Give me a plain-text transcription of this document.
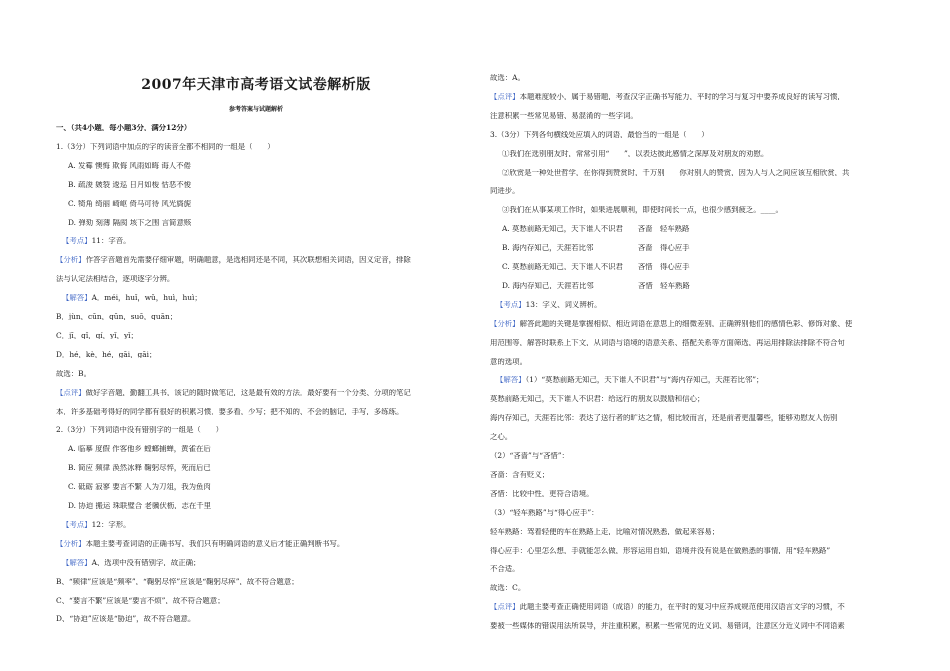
2007年天津市高考语文试卷解析版
参考答案与试题解析
一、（共4小题，每小题3分，满分12分）
1.（3分）下列词语中加点的字的读音全都不相同的一组是（　　）
A. 发霉 懊悔 欺侮 风雨如晦 诲人不倦
B. 疏浚 皴裂 逡巡 日月如梭 怙恶不悛
C. 犄角 绮丽 崎岖 倚马可待 风光旖旎
D. 弹劾 刻薄 隔阂 垓下之围 言简意赅
【考点】11：字音。
【分析】作答字音题首先需要仔细审题，明确题意，是选相同还是不同，其次联想相关词语，因义定音，排除
法与认定法相结合，逐项逐字分辨。
【解答】A．méi，huǐ，wǔ，huì，huì；
B．jùn，cūn，qūn，suō，quān；
C．jī，qǐ，qí，yǐ，yǐ；
D．hé，kè，hé，gāi，gāi；
故选：B。
【点评】做好字音题，勤翻工具书，该记的随时做笔记，这是最有效的方法．最好要有一个分类、分项的笔记
本．许多基础考得好的同学都有很好的积累习惯．要多看，少写；把不知的、不会的脑记，手写，多练练。
2.（3分）下列词语中没有错别字的一组是（　　）
A. 临摹 度假 作客他乡 螳螂捕蝉，黄雀在后
B. 简应 频律 涣然冰释 鞠躬尽悴，死而后已
C. 砥砺 寂寥 要言不繁 人为刀俎，我为鱼肉
D. 协迫 搬运 珠联璧合 老骥伏枥，志在千里
【考点】12：字形。
【分析】本题主要考查词语的正确书写，我们只有明确词语的意义后才能正确判断书写。
【解答】A、选项中没有错别字，故正确；
B、“频律”应该是“频率”，“鞠躬尽悴”应该是“鞠躬尽瘁”，故不符合题意；
C、“要言不繁”应该是“要言不烦”，故不符合题意；
D、“协迫”应该是“胁迫”，故不符合题意。
故选：A。
【点评】本题难度较小，属于易错题，考查汉字正确书写能力，平时的学习与复习中要养成良好的读写习惯，
注意积累一些常见易错、易混淆的一些字词。
3.（3分）下列各句横线处应填入的词语，最恰当的一组是（　　）
①我们在选别朋友时，常常引用“____”，以表达彼此感情之深厚及对朋友的劝慰。
②欣赏是一种处世哲学，在你得到赞赏时，千万别____你对别人的赞赏，因为人与人之间应该互相欣赏，共
同进步。
③我们在从事某项工作时，如果进展顺利，即使时间长一点，也很少感到疲乏。____。
A. 莫愁前路无知己，天下谁人不识君　　吝啬　轻车熟路
B. 海内存知己，天涯若比邻　　　　　　吝啬　得心应手
C. 莫愁前路无知己，天下谁人不识君　　吝惜　得心应手
D. 海内存知己，天涯若比邻　　　　　　吝惜　轻车熟路
【考点】13：字义、词义辨析。
【分析】解答此题的关键是掌握相似、相近词语在意思上的细微差别，正确辨别他们的感情色彩、修饰对象、使
用范围等，解答时联系上下文，从词语与语境的语意关系、搭配关系等方面筛选，再运用排除法排除不符合句
意的选项。
【解答】（1）“莫愁前路无知己，天下谁人不识君”与“海内存知己，天涯若比邻”；
莫愁前路无知己，天下谁人不识君：给远行的朋友以鼓励和信心；
海内存知己，天涯若比邻：表达了送行者的旷达之情，相比较而言，还是前者更温馨些，能够劝慰友人伤别
之心。
（2）“吝啬”与“吝惜”：
吝啬：含有贬义；
吝惜：比较中性，更符合语境。
（3）“轻车熟路”与“得心应手”：
轻车熟路：驾着轻便的车在熟路上走，比喻对情况熟悉，做起来容易；
得心应手：心里怎么想，手就能怎么做，形容运用自如，语境并没有说是在做熟悉的事情，用“轻车熟路”
不合适。
故选：C。
【点评】此题主要考查正确使用词语（成语）的能力，在平时的复习中应养成规范使用汉语言文字的习惯，不
要被一些媒体的错误用法所误导，并注重积累，积累一些常见的近义词、易错词，注意区分近义词中不同语素
